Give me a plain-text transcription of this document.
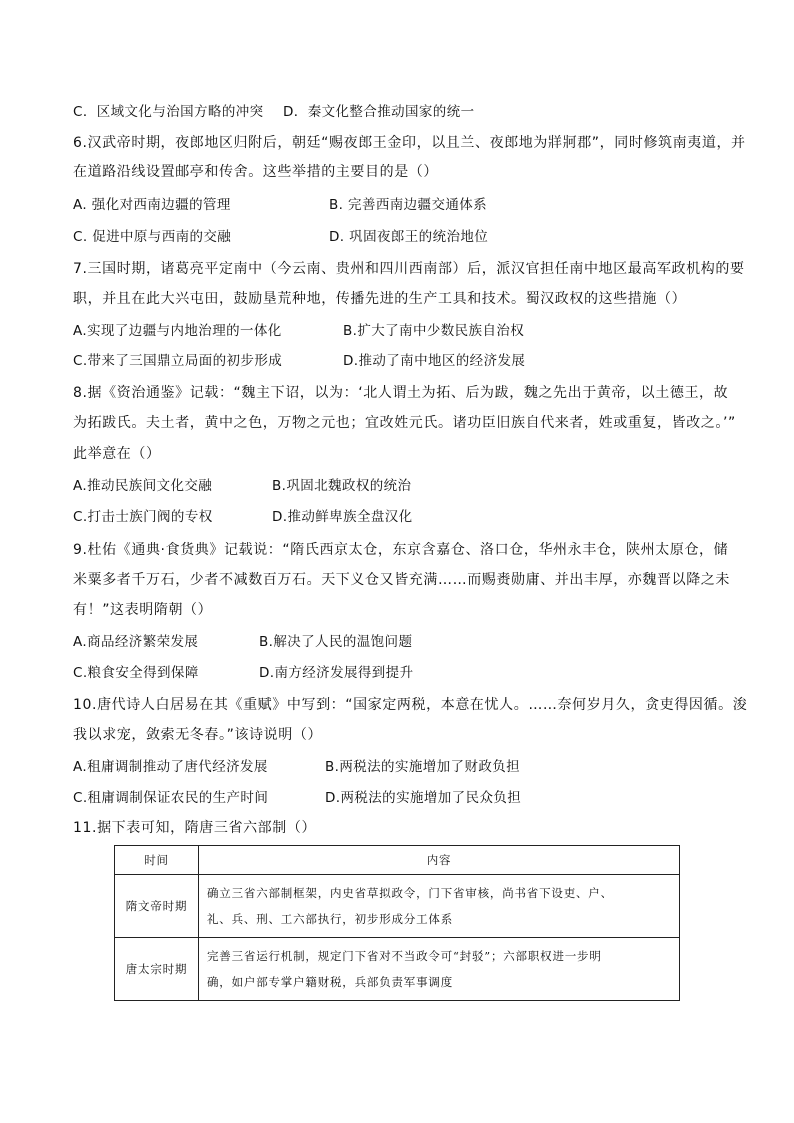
C．区域文化与治国方略的冲突 D．秦文化整合推动国家的统一
6.汉武帝时期，夜郎地区归附后，朝廷“赐夜郎王金印，以且兰、夜郎地为牂牁郡”，同时修筑南夷道，并
在道路沿线设置邮亭和传舍。这些举措的主要目的是（）
A. 强化对西南边疆的管理	B. 完善西南边疆交通体系
C. 促进中原与西南的交融	D. 巩固夜郎王的统治地位
7.三国时期，诸葛亮平定南中（今云南、贵州和四川西南部）后，派汉官担任南中地区最高军政机构的要
职，并且在此大兴屯田，鼓励垦荒种地，传播先进的生产工具和技术。蜀汉政权的这些措施（）
A.实现了边疆与内地治理的一体化	B.扩大了南中少数民族自治权
C.带来了三国鼎立局面的初步形成	D.推动了南中地区的经济发展
8.据《资治通鉴》记载：“魏主下诏，以为：‘北人谓土为拓、后为跋，魏之先出于黄帝，以土德王，故
为拓跋氏。夫土者，黄中之色，万物之元也；宜改姓元氏。诸功臣旧族自代来者，姓或重复，皆改之。’”
此举意在（）
A.推动民族间文化交融	B.巩固北魏政权的统治
C.打击士族门阀的专权	D.推动鲜卑族全盘汉化
9.杜佑《通典·食货典》记载说：“隋氏西京太仓，东京含嘉仓、洛口仓，华州永丰仓，陕州太原仓，储
米粟多者千万石，少者不减数百万石。天下义仓又皆充满……而赐赉勋庸、并出丰厚，亦魏晋以降之未
有！”这表明隋朝（）
A.商品经济繁荣发展	B.解决了人民的温饱问题
C.粮食安全得到保障	D.南方经济发展得到提升
10.唐代诗人白居易在其《重赋》中写到：“国家定两税，本意在忧人。……奈何岁月久，贪吏得因循。浚
我以求宠，敛索无冬春。”该诗说明（）
A.租庸调制推动了唐代经济发展	B.两税法的实施增加了财政负担
C.租庸调制保证农民的生产时间	D.两税法的实施增加了民众负担
11.据下表可知，隋唐三省六部制（）
时间	内容
隋文帝时期	确立三省六部制框架，内史省草拟政令，门下省审核，尚书省下设吏、户、
礼、兵、刑、工六部执行，初步形成分工体系

唐太宗时期	完善三省运行机制，规定门下省对不当政令可“封驳”；六部职权进一步明
确，如户部专掌户籍财税，兵部负责军事调度
